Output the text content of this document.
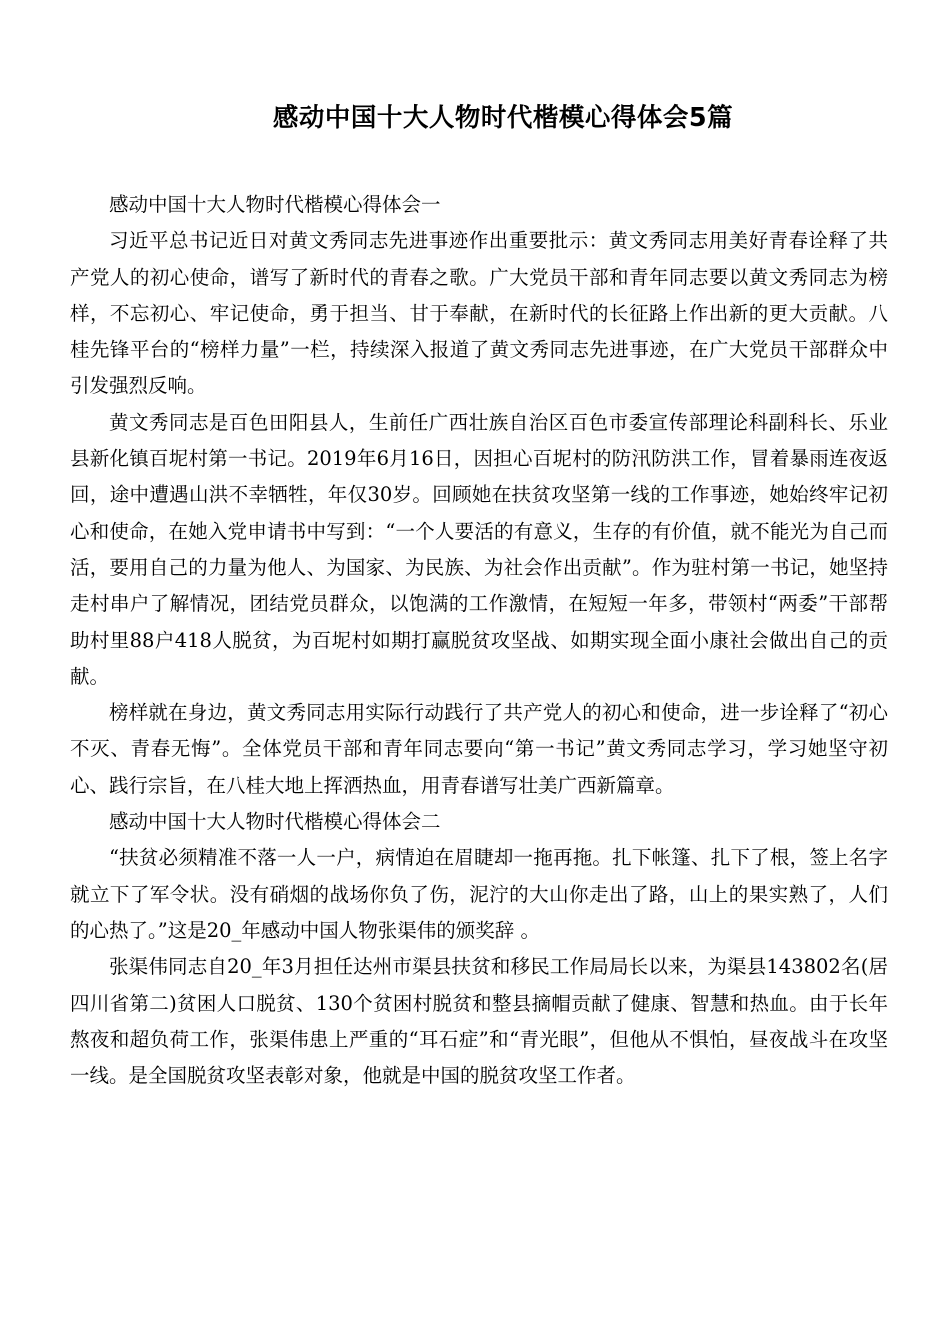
感动中国十大人物时代楷模心得体会5篇

感动中国十大人物时代楷模心得体会一

习近平总书记近日对黄文秀同志先进事迹作出重要批示：黄文秀同志用美好青春诠释了共产党人的初心使命，谱写了新时代的青春之歌。广大党员干部和青年同志要以黄文秀同志为榜样，不忘初心、牢记使命，勇于担当、甘于奉献，在新时代的长征路上作出新的更大贡献。八桂先锋平台的“榜样力量”一栏，持续深入报道了黄文秀同志先进事迹，在广大党员干部群众中引发强烈反响。

黄文秀同志是百色田阳县人，生前任广西壮族自治区百色市委宣传部理论科副科长、乐业县新化镇百坭村第一书记。2019年6月16日，因担心百坭村的防汛防洪工作，冒着暴雨连夜返回，途中遭遇山洪不幸牺牲，年仅30岁。回顾她在扶贫攻坚第一线的工作事迹，她始终牢记初心和使命，在她入党申请书中写到：“一个人要活的有意义，生存的有价值，就不能光为自己而活，要用自己的力量为他人、为国家、为民族、为社会作出贡献”。作为驻村第一书记，她坚持走村串户了解情况，团结党员群众，以饱满的工作激情，在短短一年多，带领村“两委”干部帮助村里88户418人脱贫，为百坭村如期打赢脱贫攻坚战、如期实现全面小康社会做出自己的贡献。

榜样就在身边，黄文秀同志用实际行动践行了共产党人的初心和使命，进一步诠释了“初心不灭、青春无悔”。全体党员干部和青年同志要向“第一书记”黄文秀同志学习，学习她坚守初心、践行宗旨，在八桂大地上挥洒热血，用青春谱写壮美广西新篇章。

感动中国十大人物时代楷模心得体会二

“扶贫必须精准不落一人一户，病情迫在眉睫却一拖再拖。扎下帐篷、扎下了根，签上名字就立下了军令状。没有硝烟的战场你负了伤，泥泞的大山你走出了路，山上的果实熟了，人们的心热了。”这是20_年感动中国人物张渠伟的颁奖辞 。

张渠伟同志自20_年3月担任达州市渠县扶贫和移民工作局局长以来，为渠县143802名(居四川省第二)贫困人口脱贫、130个贫困村脱贫和整县摘帽贡献了健康、智慧和热血。由于长年熬夜和超负荷工作，张渠伟患上严重的“耳石症”和“青光眼”，但他从不惧怕，昼夜战斗在攻坚一线。是全国脱贫攻坚表彰对象，他就是中国的脱贫攻坚工作者。
